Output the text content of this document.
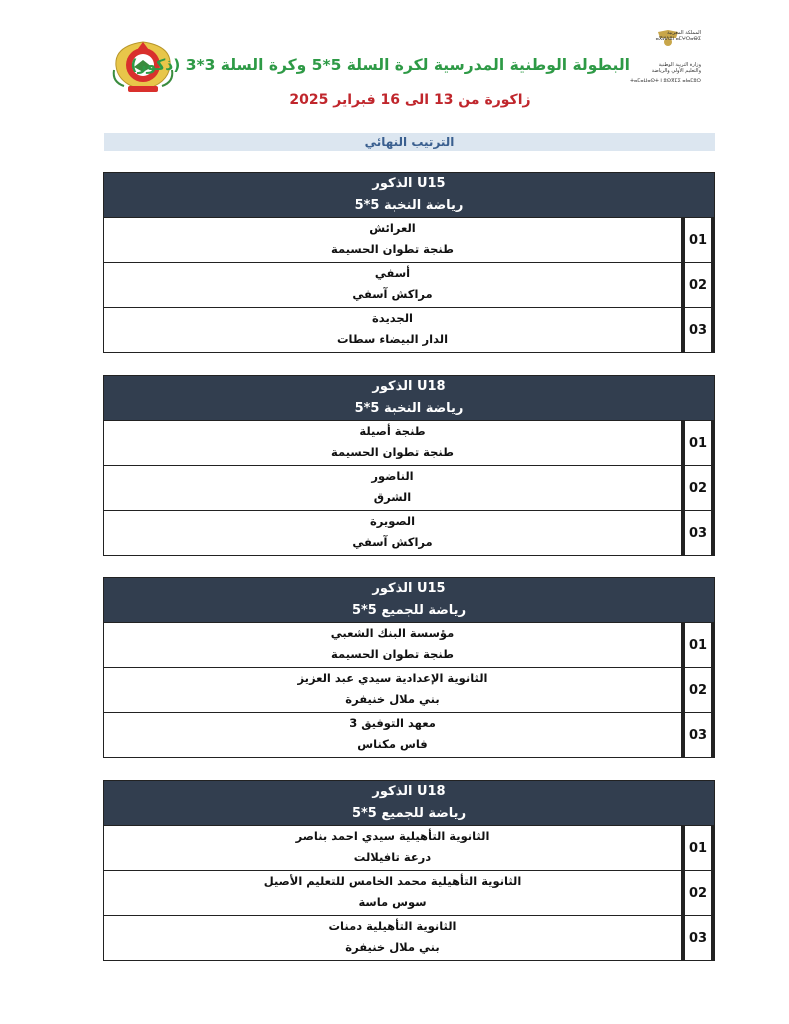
المملكة المغربية
ⴰⴳⵍⴷⵓⵏ ⴰⵎⵖⵔⴰⴱⵉ
وزارة التربية الوطنية
والتعليم الأولي والرياضة
ⵜⴰⵎⴰⵡⴰⵙⵜ ⵏ ⵓⵙⴳⵎⵉ ⴰⵏⴰⵎⵓⵔ
البطولة الوطنية المدرسية لكرة السلة 5*5 وكرة السلة 3*3 (ذكور)
زاكورة من 13 الى 16 فبراير 2025
الترتيب النهائي
U15 الذكور
رياضة النخبة 5*5
العرائش
طنجة تطوان الحسيمة
01
أسفي
مراكش آسفي
02
الجديدة
الدار البيضاء سطات
03
U18 الذكور
رياضة النخبة 5*5
طنجة أصيلة
طنجة تطوان الحسيمة
01
الناضور
الشرق
02
الصويرة
مراكش آسفي
03
U15 الذكور
رياضة للجميع 5*5
مؤسسة البنك الشعبي
طنجة تطوان الحسيمة
01
الثانوية الإعدادية سيدي عبد العزيز
بني ملال خنيفرة
02
معهد التوفيق 3
فاس مكناس
03
U18 الذكور
رياضة للجميع 5*5
الثانوية التأهيلية سيدي احمد بناصر
درعة تافيلالت
01
الثانوية التأهيلية محمد الخامس للتعليم الأصيل
سوس ماسة
02
الثانوية التأهيلية دمنات
بني ملال خنيفرة
03
